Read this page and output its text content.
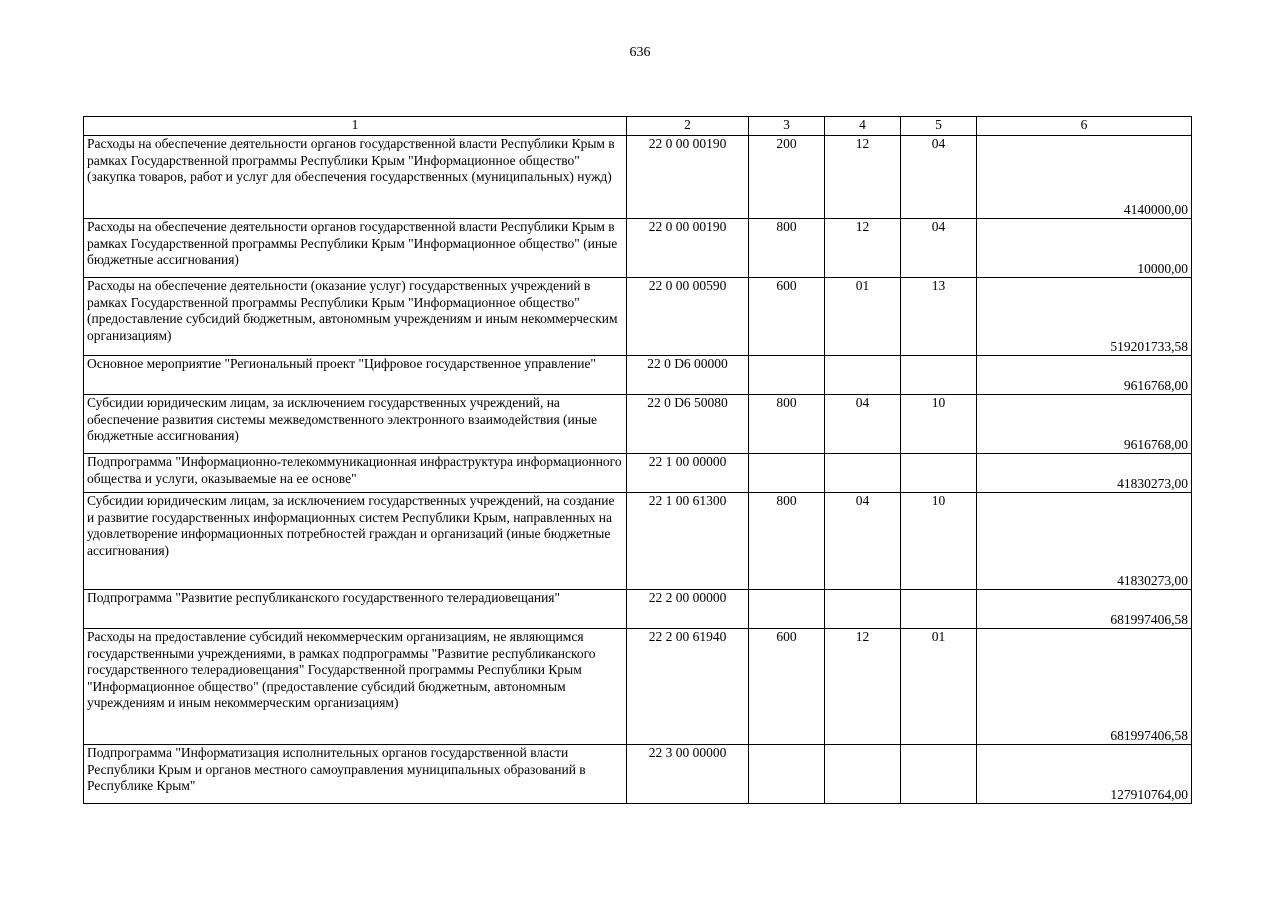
636
1	2	3	4	5	6
Расходы на обеспечение деятельности органов государственной власти Республики Крым в рамках Государственной программы Республики Крым "Информационное общество" (закупка товаров, работ и услуг для обеспечения государственных (муниципальных) нужд)	22 0 00 00190	200	12	04	4140000,00
Расходы на обеспечение деятельности органов государственной власти Республики Крым в рамках Государственной программы Республики Крым "Информационное общество" (иные бюджетные ассигнования)	22 0 00 00190	800	12	04	10000,00
Расходы на обеспечение деятельности (оказание услуг) государственных учреждений в рамках Государственной программы Республики Крым "Информационное общество" (предоставление субсидий бюджетным, автономным учреждениям и иным некоммерческим организациям)	22 0 00 00590	600	01	13	519201733,58
Основное мероприятие "Региональный проект "Цифровое государственное управление"	22 0 D6 00000				9616768,00
Субсидии юридическим лицам, за исключением государственных учреждений, на обеспечение развития системы межведомственного электронного взаимодействия (иные бюджетные ассигнования)	22 0 D6 50080	800	04	10	9616768,00
Подпрограмма "Информационно-телекоммуникационная инфраструктура информационного общества и услуги, оказываемые на ее основе"	22 1 00 00000				41830273,00
Субсидии юридическим лицам, за исключением государственных учреждений, на создание и развитие государственных информационных систем Республики Крым, направленных на удовлетворение информационных потребностей граждан и организаций (иные бюджетные ассигнования)	22 1 00 61300	800	04	10	41830273,00
Подпрограмма "Развитие республиканского государственного телерадиовещания"	22 2 00 00000				681997406,58
Расходы на предоставление субсидий некоммерческим организациям, не являющимся государственными учреждениями, в рамках подпрограммы "Развитие республиканского государственного телерадиовещания" Государственной программы Республики Крым "Информационное общество" (предоставление субсидий бюджетным, автономным учреждениям и иным некоммерческим организациям)	22 2 00 61940	600	12	01	681997406,58
Подпрограмма "Информатизация исполнительных органов государственной власти Республики Крым и органов местного самоуправления муниципальных образований в Республике Крым"	22 3 00 00000				127910764,00
